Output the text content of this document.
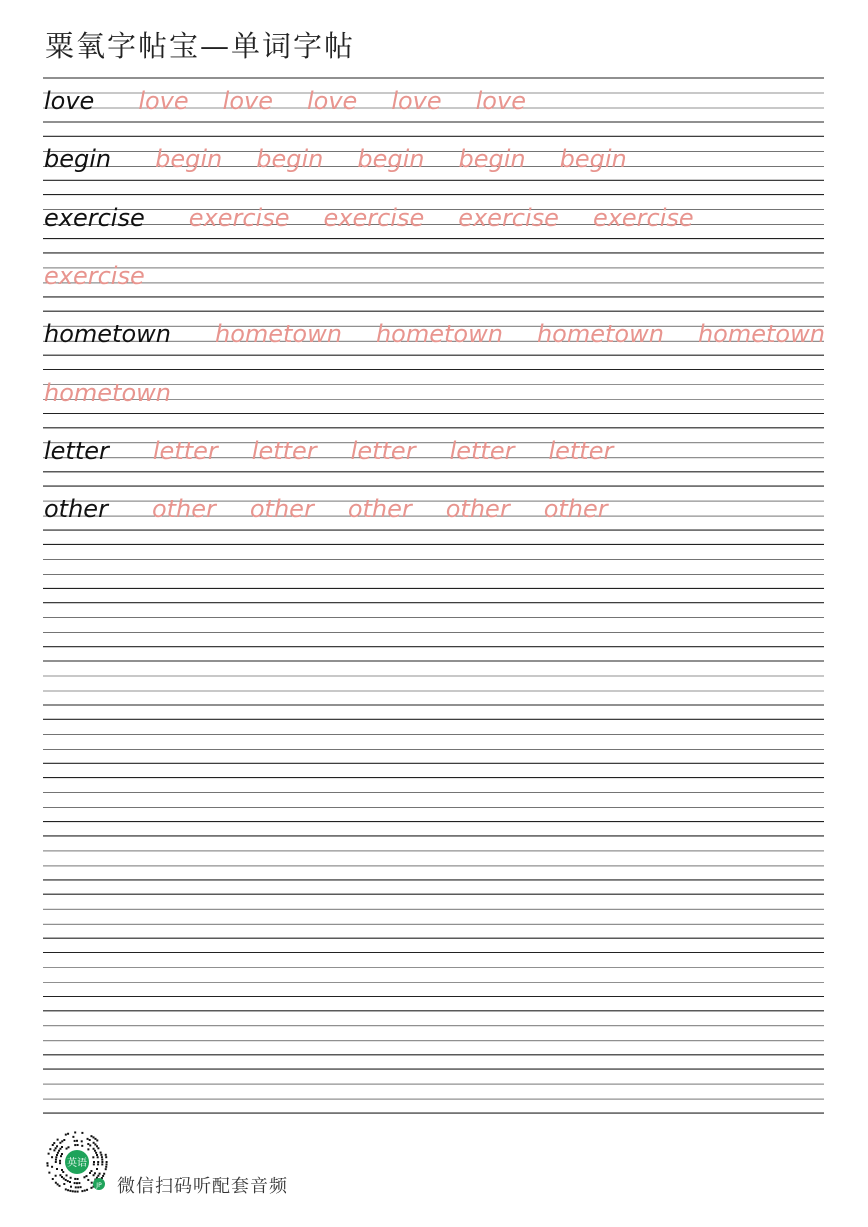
粟氧字帖宝—单词字帖
love love love love love love
begin begin begin begin begin begin
exercise exercise exercise exercise exercise
exercise
hometown hometown hometown hometown hometown
hometown
letter letter letter letter letter letter
other other other other other other
英语
JP 微信扫码听配套音频
